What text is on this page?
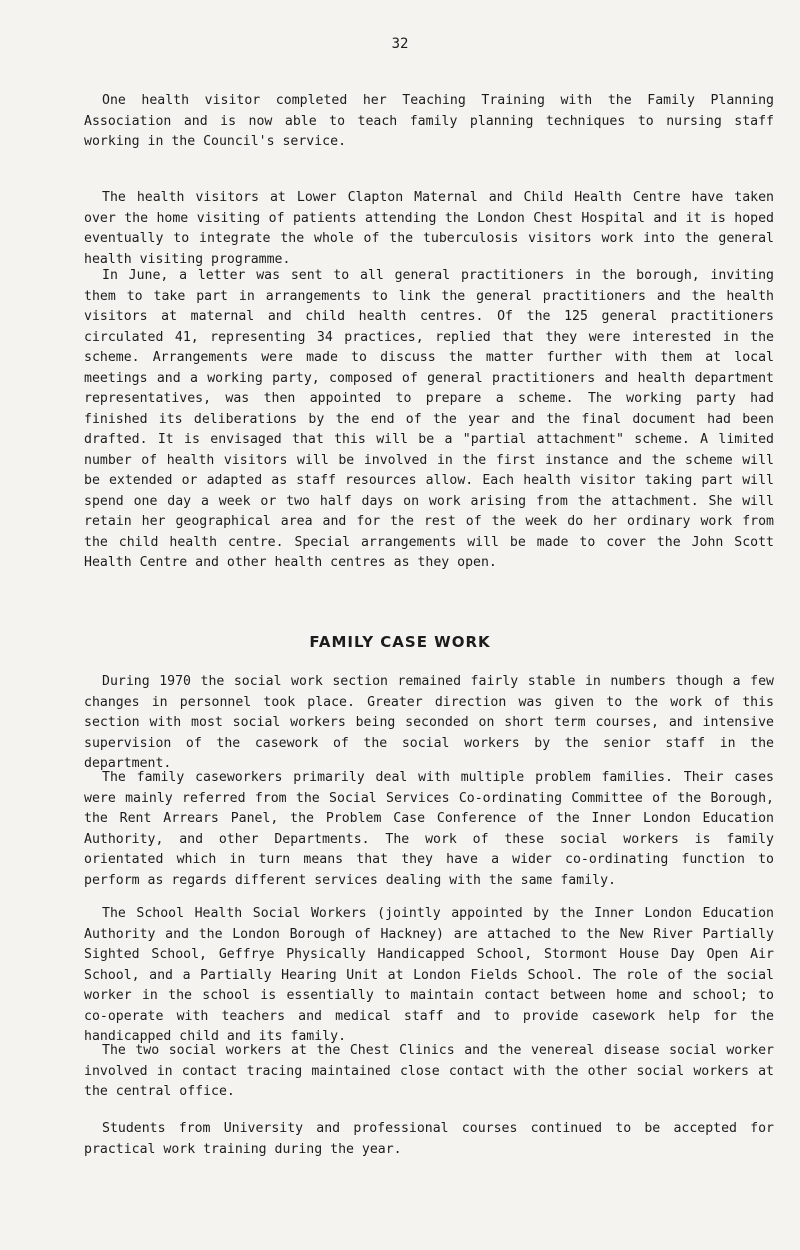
32

One health visitor completed her Teaching Training with the Family Planning Association and is now able to teach family planning techniques to nursing staff working in the Council's service.

The health visitors at Lower Clapton Maternal and Child Health Centre have taken over the home visiting of patients attending the London Chest Hospital and it is hoped eventually to integrate the whole of the tuberculosis visitors work into the general health visiting programme.

In June, a letter was sent to all general practitioners in the borough, inviting them to take part in arrangements to link the general practitioners and the health visitors at maternal and child health centres. Of the 125 general practitioners circulated 41, representing 34 practices, replied that they were interested in the scheme. Arrangements were made to discuss the matter further with them at local meetings and a working party, composed of general practitioners and health department representatives, was then appointed to prepare a scheme. The working party had finished its deliberations by the end of the year and the final document had been drafted. It is envisaged that this will be a "partial attachment" scheme. A limited number of health visitors will be involved in the first instance and the scheme will be extended or adapted as staff resources allow. Each health visitor taking part will spend one day a week or two half days on work arising from the attachment. She will retain her geographical area and for the rest of the week do her ordinary work from the child health centre. Special arrangements will be made to cover the John Scott Health Centre and other health centres as they open.

FAMILY CASE WORK

During 1970 the social work section remained fairly stable in numbers though a few changes in personnel took place. Greater direction was given to the work of this section with most social workers being seconded on short term courses, and intensive supervision of the casework of the social workers by the senior staff in the department.

The family caseworkers primarily deal with multiple problem families. Their cases were mainly referred from the Social Services Co-ordinating Committee of the Borough, the Rent Arrears Panel, the Problem Case Conference of the Inner London Education Authority, and other Departments. The work of these social workers is family orientated which in turn means that they have a wider co-ordinating function to perform as regards different services dealing with the same family.

The School Health Social Workers (jointly appointed by the Inner London Education Authority and the London Borough of Hackney) are attached to the New River Partially Sighted School, Geffrye Physically Handicapped School, Stormont House Day Open Air School, and a Partially Hearing Unit at London Fields School. The role of the social worker in the school is essentially to maintain contact between home and school; to co-operate with teachers and medical staff and to provide casework help for the handicapped child and its family.

The two social workers at the Chest Clinics and the venereal disease social worker involved in contact tracing maintained close contact with the other social workers at the central office.

Students from University and professional courses continued to be accepted for practical work training during the year.
